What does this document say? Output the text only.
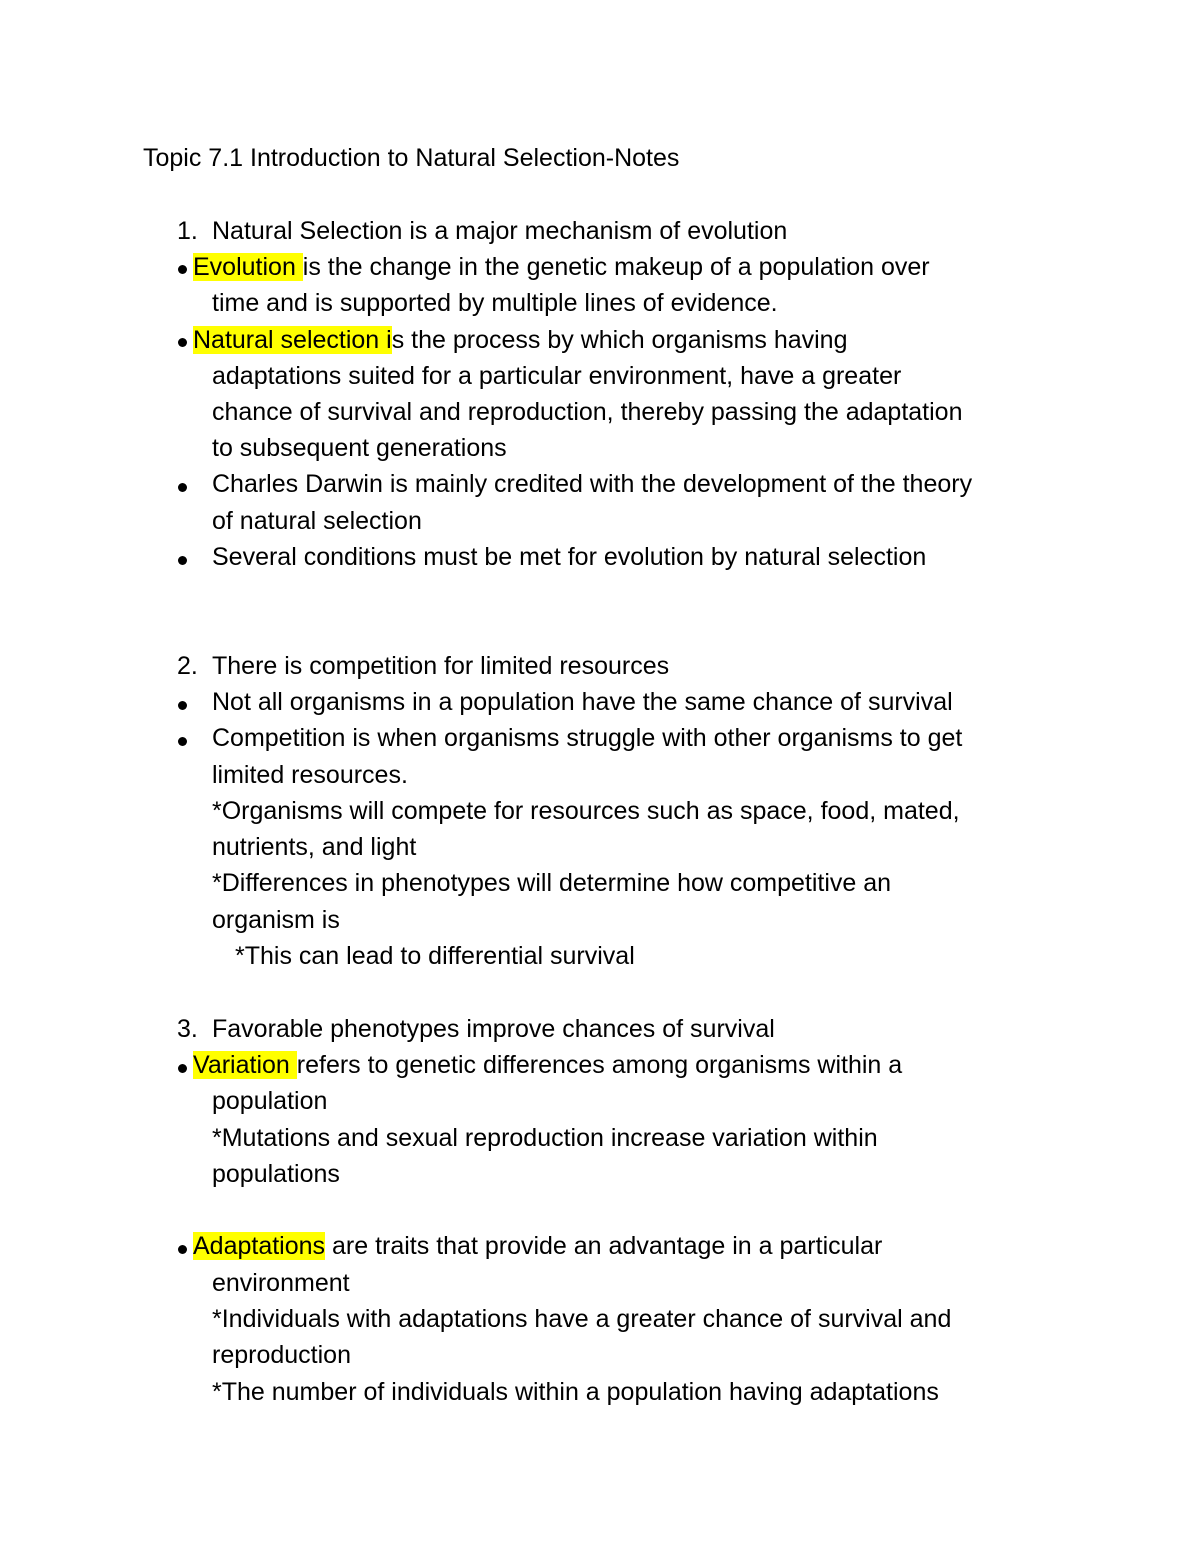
Topic 7.1 Introduction to Natural Selection-Notes
1. Natural Selection is a major mechanism of evolution
Evolution is the change in the genetic makeup of a population over
time and is supported by multiple lines of evidence.
Natural selection is the process by which organisms having
adaptations suited for a particular environment, have a greater
chance of survival and reproduction, thereby passing the adaptation
to subsequent generations
Charles Darwin is mainly credited with the development of the theory
of natural selection
Several conditions must be met for evolution by natural selection
2. There is competition for limited resources
Not all organisms in a population have the same chance of survival
Competition is when organisms struggle with other organisms to get
limited resources.
*Organisms will compete for resources such as space, food, mated,
nutrients, and light
*Differences in phenotypes will determine how competitive an
organism is
*This can lead to differential survival
3. Favorable phenotypes improve chances of survival
Variation refers to genetic differences among organisms within a
population
*Mutations and sexual reproduction increase variation within
populations
Adaptations are traits that provide an advantage in a particular
environment
*Individuals with adaptations have a greater chance of survival and
reproduction
*The number of individuals within a population having adaptations
